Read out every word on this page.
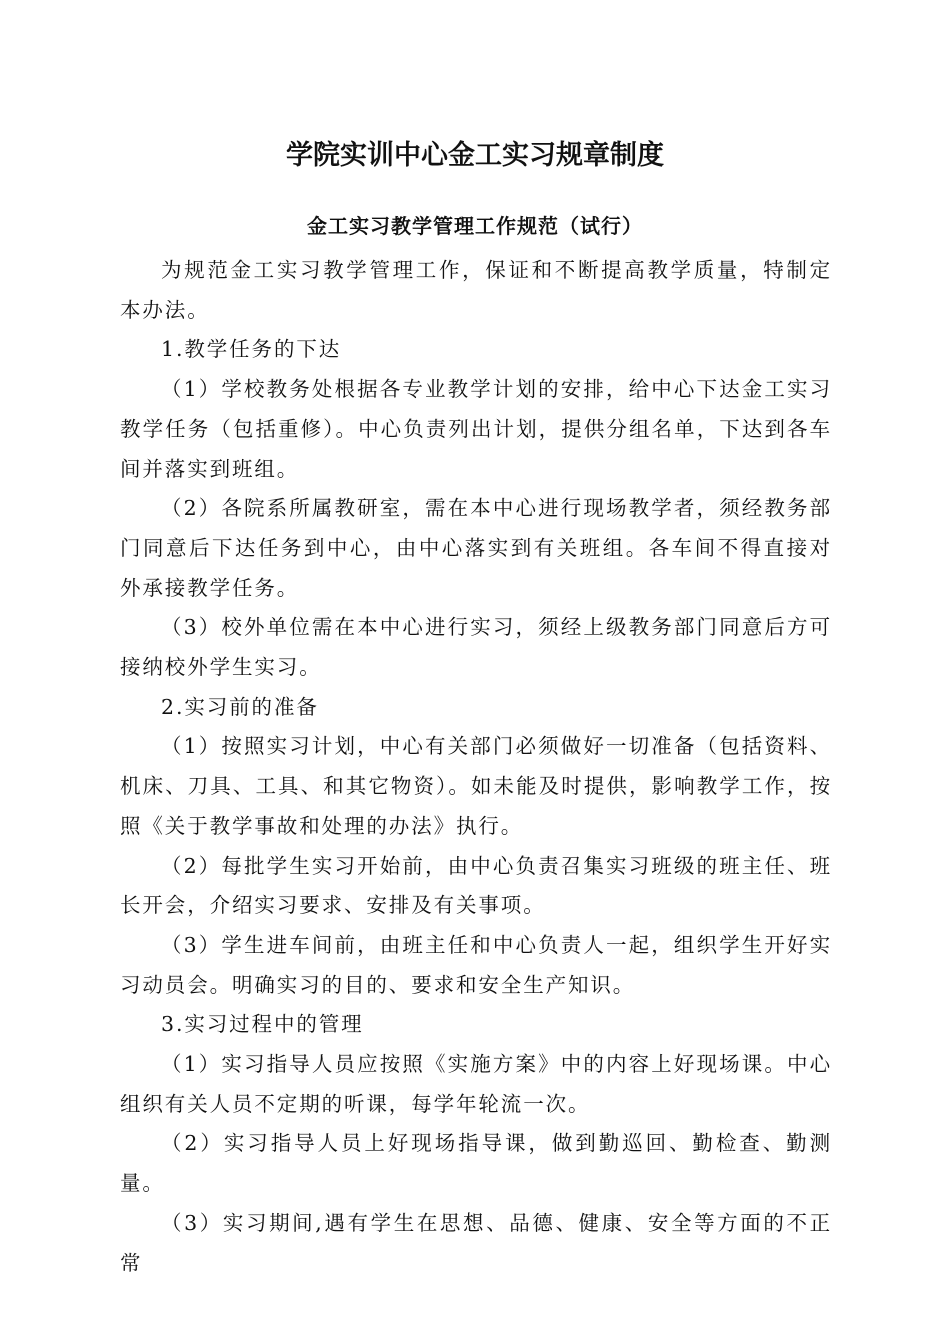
学院实训中心金工实习规章制度
金工实习教学管理工作规范（试行）

为规范金工实习教学管理工作，保证和不断提高教学质量，特制定本办法。

1.教学任务的下达

（1）学校教务处根据各专业教学计划的安排，给中心下达金工实习教学任务（包括重修）。中心负责列出计划，提供分组名单，下达到各车间并落实到班组。

（2）各院系所属教研室，需在本中心进行现场教学者，须经教务部门同意后下达任务到中心，由中心落实到有关班组。各车间不得直接对外承接教学任务。

（3）校外单位需在本中心进行实习，须经上级教务部门同意后方可接纳校外学生实习。

2.实习前的准备

（1）按照实习计划，中心有关部门必须做好一切准备（包括资料、机床、刀具、工具、和其它物资）。如未能及时提供，影响教学工作，按照《关于教学事故和处理的办法》执行。

（2）每批学生实习开始前，由中心负责召集实习班级的班主任、班长开会，介绍实习要求、安排及有关事项。

（3）学生进车间前，由班主任和中心负责人一起，组织学生开好实习动员会。明确实习的目的、要求和安全生产知识。

3.实习过程中的管理

（1）实习指导人员应按照《实施方案》中的内容上好现场课。中心组织有关人员不定期的听课，每学年轮流一次。

（2）实习指导人员上好现场指导课，做到勤巡回、勤检查、勤测量。

（3）实习期间,遇有学生在思想、品德、健康、安全等方面的不正常
